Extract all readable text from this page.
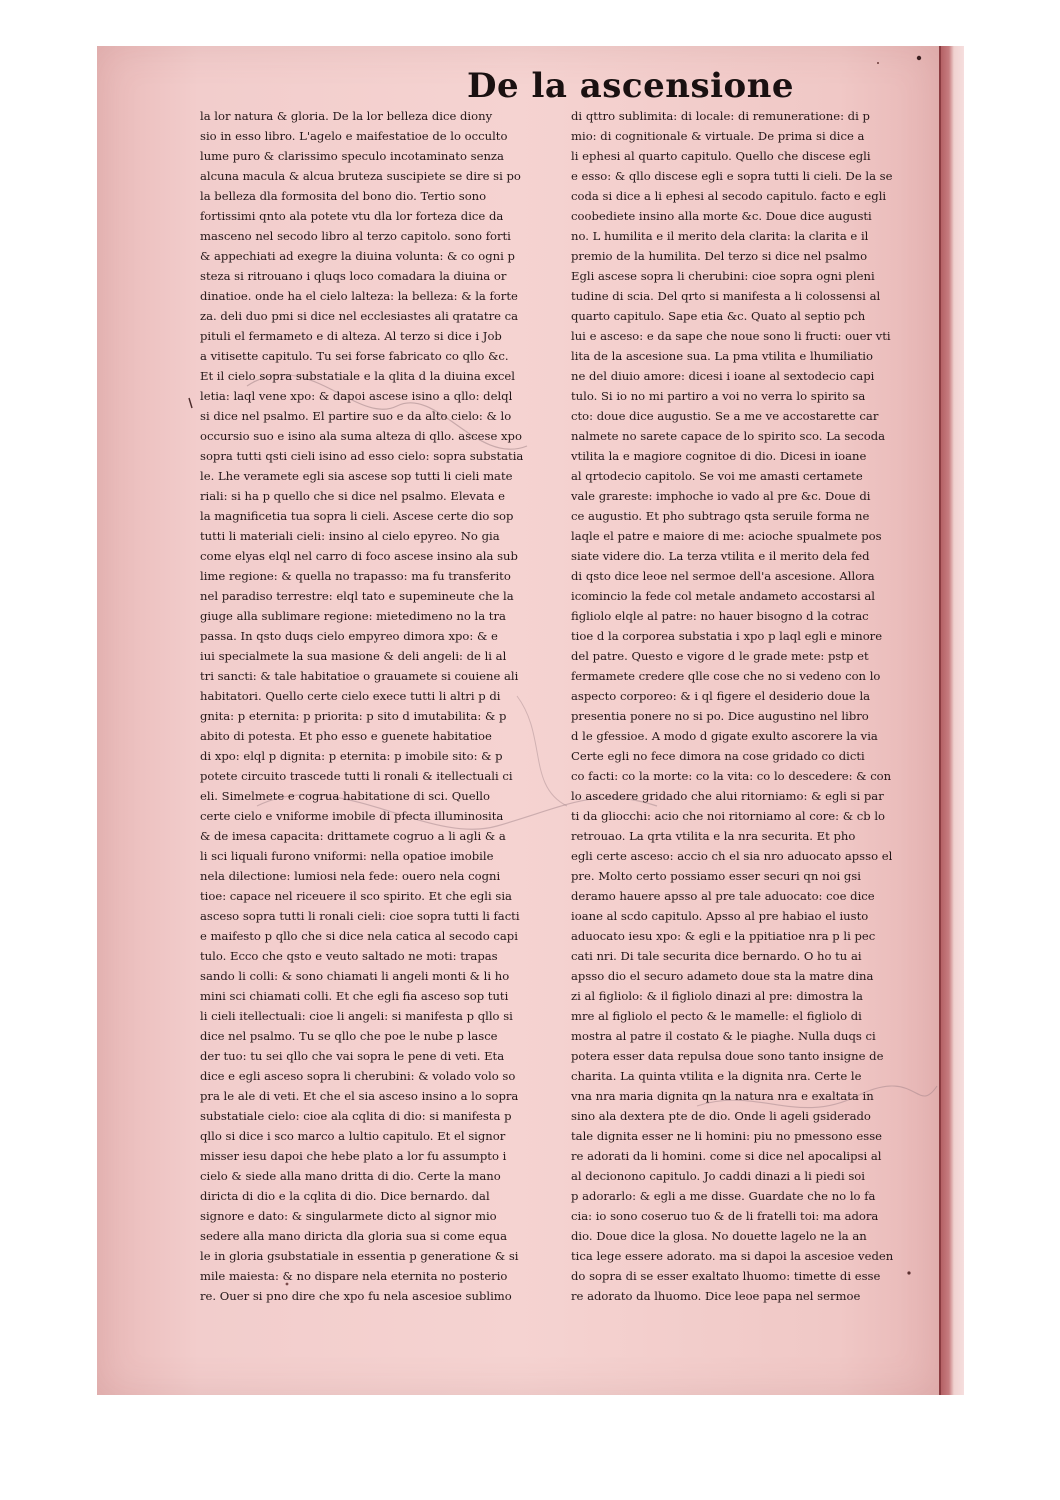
De la ascensione
la lor natura & gloria. De la lor belleza dice diony
sio in esso libro. L'agelo e maifestatioe de lo occulto
lume puro & clarissimo speculo incotaminato senza
alcuna macula & alcua bruteza suscipiete se dire si po
la belleza dla formosita del bono dio. Tertio sono
fortissimi qnto ala potete vtu dla lor forteza dice da
masceno nel secodo libro al terzo capitolo. sono forti
& appechiati ad exegre la diuina volunta: & co ogni p
steza si ritrouano i qluqs loco comadara la diuina or
dinatioe. onde ha el cielo lalteza: la belleza: & la forte
za. deli duo pmi si dice nel ecclesiastes ali qratatre ca
pituli el fermameto e di alteza. Al terzo si dice i Job
a vitisette capitulo. Tu sei forse fabricato co qllo &c.
Et il cielo sopra substatiale e la qlita d la diuina excel
letia: laql vene xpo: & dapoi ascese isino a qllo: delql
si dice nel psalmo. El partire suo e da alto cielo: & lo
occursio suo e isino ala suma alteza di qllo. ascese xpo
sopra tutti qsti cieli isino ad esso cielo: sopra substatia
le. Lhe veramete egli sia ascese sop tutti li cieli mate
riali: si ha p quello che si dice nel psalmo. Elevata e
la magnificetia tua sopra li cieli. Ascese certe dio sop
tutti li materiali cieli: insino al cielo epyreo. No gia
come elyas elql nel carro di foco ascese insino ala sub
lime regione: & quella no trapasso: ma fu transferito
nel paradiso terrestre: elql tato e supemineute che la
giuge alla sublimare regione: mietedimeno no la tra
passa. In qsto duqs cielo empyreo dimora xpo: & e
iui specialmete la sua masione & deli angeli: de li al
tri sancti: & tale habitatioe o grauamete si couiene ali
habitatori. Quello certe cielo exece tutti li altri p di
gnita: p eternita: p priorita: p sito d imutabilita: & p
abito di potesta. Et pho esso e guenete habitatioe
di xpo: elql p dignita: p eternita: p imobile sito: & p
potete circuito trascede tutti li ronali & itellectuali ci
eli. Simelmete e cogrua habitatione di sci. Quello
certe cielo e vniforme imobile di pfecta illuminosita
& de imesa capacita: drittamete cogruo a li agli & a
li sci liquali furono vniformi: nella opatioe imobile
nela dilectione: lumiosi nela fede: ouero nela cogni
tioe: capace nel riceuere il sco spirito. Et che egli sia
asceso sopra tutti li ronali cieli: cioe sopra tutti li facti
e maifesto p qllo che si dice nela catica al secodo capi
tulo. Ecco che qsto e veuto saltado ne moti: trapas
sando li colli: & sono chiamati li angeli monti & li ho
mini sci chiamati colli. Et che egli fia asceso sop tuti
li cieli itellectuali: cioe li angeli: si manifesta p qllo si
dice nel psalmo. Tu se qllo che poe le nube p lasce
der tuo: tu sei qllo che vai sopra le pene di veti. Eta
dice e egli asceso sopra li cherubini: & volado volo so
pra le ale di veti. Et che el sia asceso insino a lo sopra
substatiale cielo: cioe ala cqlita di dio: si manifesta p
qllo si dice i sco marco a lultio capitulo. Et el signor
misser iesu dapoi che hebe plato a lor fu assumpto i
cielo & siede alla mano dritta di dio. Certe la mano
diricta di dio e la cqlita di dio. Dice bernardo. dal
signore e dato: & singularmete dicto al signor mio
sedere alla mano diricta dla gloria sua si come equa
le in gloria gsubstatiale in essentia p generatione & si
mile maiesta: & no dispare nela eternita no posterio
re. Ouer si pno dire che xpo fu nela ascesioe sublimo
di qttro sublimita: di locale: di remuneratione: di p
mio: di cognitionale & virtuale. De prima si dice a
li ephesi al quarto capitulo. Quello che discese egli
e esso: & qllo discese egli e sopra tutti li cieli. De la se
coda si dice a li ephesi al secodo capitulo. facto e egli
coobediete insino alla morte &c. Doue dice augusti
no. L humilita e il merito dela clarita: la clarita e il
premio de la humilita. Del terzo si dice nel psalmo
Egli ascese sopra li cherubini: cioe sopra ogni pleni
tudine di scia. Del qrto si manifesta a li colossensi al
quarto capitulo. Sape etia &c. Quato al septio pch
lui e asceso: e da sape che noue sono li fructi: ouer vti
lita de la ascesione sua. La pma vtilita e lhumiliatio
ne del diuio amore: dicesi i ioane al sextodecio capi
tulo. Si io no mi partiro a voi no verra lo spirito sa
cto: doue dice augustio. Se a me ve accostarette car
nalmete no sarete capace de lo spirito sco. La secoda
vtilita la e magiore cognitoe di dio. Dicesi in ioane
al qrtodecio capitolo. Se voi me amasti certamete
vale grareste: imphoche io vado al pre &c. Doue di
ce augustio. Et pho subtrago qsta seruile forma ne
laqle el patre e maiore di me: acioche spualmete pos
siate videre dio. La terza vtilita e il merito dela fed
di qsto dice leoe nel sermoe dell'a ascesione. Allora
icomincio la fede col metale andameto accostarsi al
figliolo elqle al patre: no hauer bisogno d la cotrac
tioe d la corporea substatia i xpo p laql egli e minore
del patre. Questo e vigore d le grade mete: pstp et
fermamete credere qlle cose che no si vedeno con lo
aspecto corporeo: & i ql figere el desiderio doue la
presentia ponere no si po. Dice augustino nel libro
d le gfessioe. A modo d gigate exulto ascorere la via
Certe egli no fece dimora na cose gridado co dicti
co facti: co la morte: co la vita: co lo descedere: & con
lo ascedere gridado che alui ritorniamo: & egli si par
ti da gliocchi: acio che noi ritorniamo al core: & cb lo
retrouao. La qrta vtilita e la nra securita. Et pho
egli certe asceso: accio ch el sia nro aduocato apsso el
pre. Molto certo possiamo esser securi qn noi gsi
deramo hauere apsso al pre tale aduocato: coe dice
ioane al scdo capitulo. Apsso al pre habiao el iusto
aduocato iesu xpo: & egli e la ppitiatioe nra p li pec
cati nri. Di tale securita dice bernardo. O ho tu ai
apsso dio el securo adameto doue sta la matre dina
zi al figliolo: & il figliolo dinazi al pre: dimostra la
mre al figliolo el pecto & le mamelle: el figliolo di
mostra al patre il costato & le piaghe. Nulla duqs ci
potera esser data repulsa doue sono tanto insigne de
charita. La quinta vtilita e la dignita nra. Certe le
vna nra maria dignita qn la natura nra e exaltata in
sino ala dextera pte de dio. Onde li ageli gsiderado
tale dignita esser ne li homini: piu no pmessono esse
re adorati da li homini. come si dice nel apocalipsi al
al decionono capitulo. Jo caddi dinazi a li piedi soi
p adorarlo: & egli a me disse. Guardate che no lo fa
cia: io sono coseruo tuo & de li fratelli toi: ma adora
dio. Doue dice la glosa. No douette lagelo ne la an
tica lege essere adorato. ma si dapoi la ascesioe veden
do sopra di se esser exaltato lhuomo: timette di esse
re adorato da lhuomo. Dice leoe papa nel sermoe
